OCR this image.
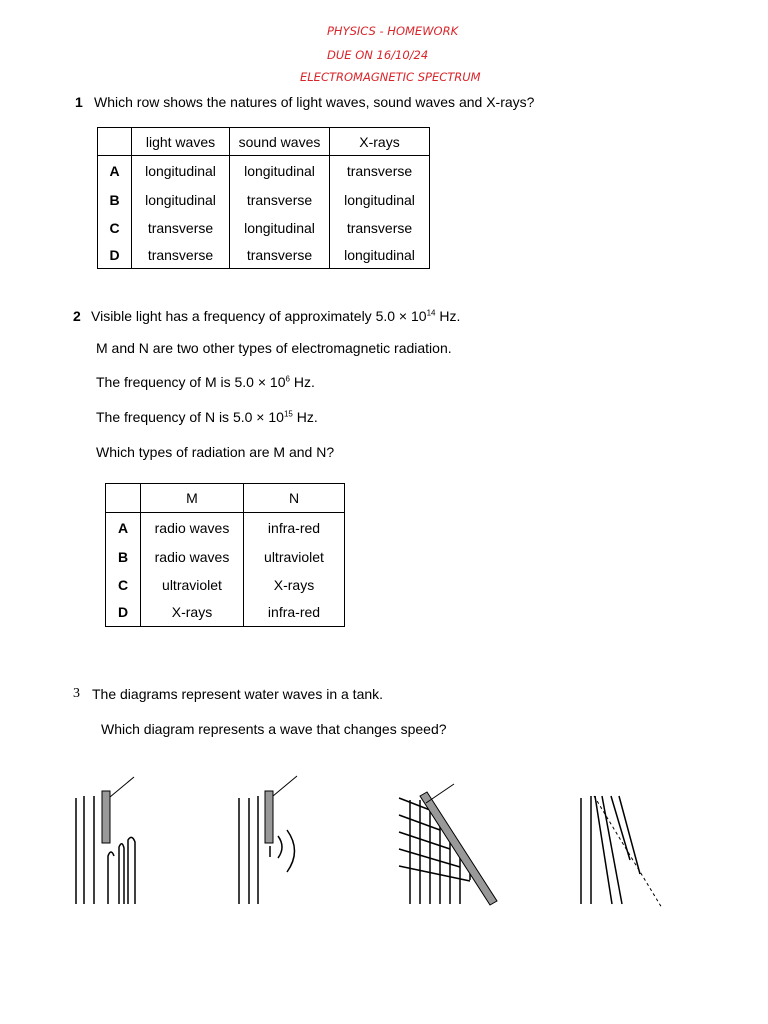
PHYSICS - HOMEWORK
DUE ON 16/10/24
ELECTROMAGNETIC SPECTRUM
1 Which row shows the natures of light waves, sound waves and X-rays?
	light waves	sound waves	X-rays
A	longitudinal	longitudinal	transverse
B	longitudinal	transverse	longitudinal
C	transverse	longitudinal	transverse
D	transverse	transverse	longitudinal
2 Visible light has a frequency of approximately $5.0 \times 10^{14}$ Hz.
M and N are two other types of electromagnetic radiation.
The frequency of M is $5.0 \times 10^6$ Hz.
The frequency of N is $5.0 \times 10^{15}$ Hz.
Which types of radiation are M and N?
	M	N
A	radio waves	infra-red
B	radio waves	ultraviolet
C	ultraviolet	X-rays
D	X-rays	infra-red
3 The diagrams represent water waves in a tank.
Which diagram represents a wave that changes speed?
